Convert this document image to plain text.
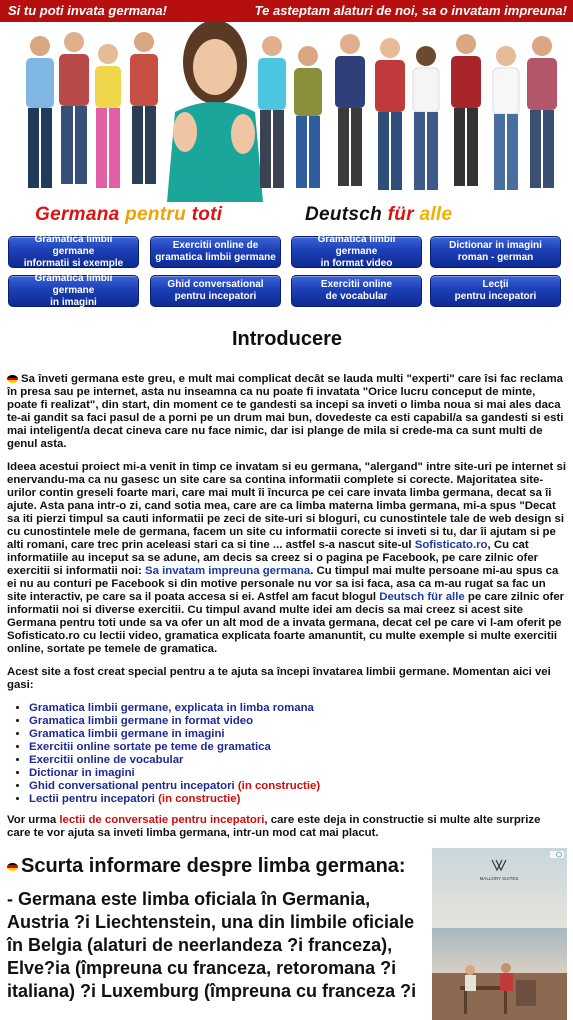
Si tu poti invata germana!	Te asteptam alaturi de noi, sa o invatam impreuna!
Germana pentru toti	Deutsch für alle
Gramatica limbii germane
informatii si exemple
Exercitii online de
gramatica limbii germane
Gramatica limbii germane
in format video
Dictionar in imagini
roman - german
Gramatica limbii germane
in imagini
Ghid conversational
pentru incepatori
Exercitii online
de vocabular
Lecții
pentru incepatori
Introducere

Sa înveti germana este greu, e mult mai complicat decât se lauda multi "experti" care îsi fac reclama în presa sau pe internet, asta nu inseamna ca nu poate fi invatata "Orice lucru conceput de minte, poate fi realizat", din start, din moment ce te gandesti sa incepi sa inveti o limba noua si mai ales daca te-ai gandit sa faci pasul de a porni pe un drum mai bun, dovedeste ca esti capabil/a sa gandesti si esti mai inteligent/a decat cineva care nu face nimic, dar isi plange de mila si crede-ma ca sunt multi de genul asta.

Ideea acestui proiect mi-a venit in timp ce invatam si eu germana, "alergand" intre site-uri pe internet si enervandu-ma ca nu gasesc un site care sa contina informatii complete si corecte. Majoritatea site-urilor contin greseli foarte mari, care mai mult îi încurca pe cei care invata limba germana, decat sa îi ajute. Asta pana intr-o zi, cand sotia mea, care are ca limba materna limba germana, mi-a spus "Decat sa iti pierzi timpul sa cauti informatii pe zeci de site-uri si bloguri, cu cunostintele tale de web design si cu cunostintele mele de germana, facem un site cu informatii corecte si inveti si tu, dar îi ajutam si pe alti romani, care trec prin aceleasi stari ca si tine ... astfel s-a nascut site-ul Sofisticato.ro, Cu cat informatiile au inceput sa se adune, am decis sa creez si o pagina pe Facebook, pe care zilnic ofer exercitii si informatii noi: Sa invatam impreuna germana. Cu timpul mai multe persoane mi-au spus ca ei nu au conturi pe Facebook si din motive personale nu vor sa isi faca, asa ca m-au rugat sa fac un site interactiv, pe care sa il poata accesa si ei. Astfel am facut blogul Deutsch für alle pe care zilnic ofer informatii noi si diverse exercitii. Cu timpul avand multe idei am decis sa mai creez si acest site Germana pentru toti unde sa va ofer un alt mod de a invata germana, decat cel pe care vi l-am oferit pe Sofisticato.ro cu lectii video, gramatica explicata foarte amanuntit, cu multe exemple si multe exercitii online, sortate pe temele de gramatica.

Acest site a fost creat special pentru a te ajuta sa începi învatarea limbii germane. Momentan aici vei gasi:

• Gramatica limbii germane, explicata in limba romana
• Gramatica limbii germane in format video
• Gramatica limbii germane in imagini
• Exercitii online sortate pe teme de gramatica
• Exercitii online de vocabular
• Dictionar in imagini
• Ghid conversational pentru incepatori (in constructie)
• Lectii pentru incepatori (in constructie)

Vor urma lectii de conversatie pentru incepatori, care este deja in constructie si multe alte surprize care te vor ajuta sa inveti limba germana, intr-un mod cat mai placut.

Scurta informare despre limba germana:

- Germana este limba oficiala în Germania, Austria ?i Liechtenstein, una din limbile oficiale în Belgia (alaturi de neerlandeza ?i franceza), Elve?ia (împreuna cu franceza, retoromana ?i italiana) ?i Luxemburg (împreuna cu franceza ?i

MALLORY SUITES
